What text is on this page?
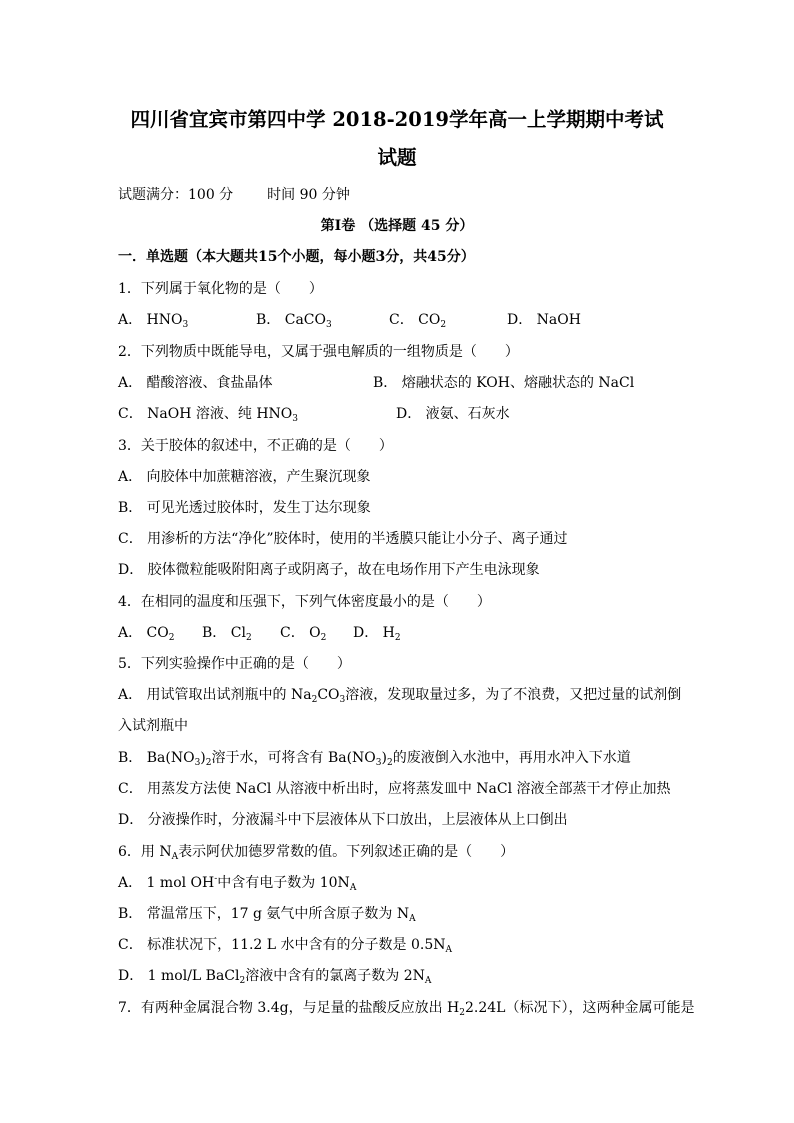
四川省宜宾市第四中学 2018-2019学年高一上学期期中考试
试题
试题满分：100 分 时间 90 分钟
第Ⅰ卷 （选择题 45 分）
一．单选题（本大题共15个小题，每小题3分，共45分）
1．下列属于氧化物的是（　　）
A． $HNO_3$	B． CaCO$_3$	C． $CO_2$	D． NaOH
2．下列物质中既能导电，又属于强电解质的一组物质是（　　）
A． 醋酸溶液、食盐晶体	B． 熔融状态的 KOH、熔融状态的 NaCl
C． NaOH 溶液、纯 $HNO_3$	D． 液氨、石灰水
3．关于胶体的叙述中，不正确的是（　　）
A． 向胶体中加蔗糖溶液，产生聚沉现象
B． 可见光透过胶体时，发生丁达尔现象
C． 用渗析的方法“净化”胶体时，使用的半透膜只能让小分子、离子通过
D． 胶体微粒能吸附阳离子或阴离子，故在电场作用下产生电泳现象
4．在相同的温度和压强下，下列气体密度最小的是（　　）
A． $CO_2$ B． $Cl_2$ C． $O_2$ D． $H_2$
5．下列实验操作中正确的是（　　）
A． 用试管取出试剂瓶中的 $Na_2CO_3$溶液，发现取量过多，为了不浪费，又把过量的试剂倒
入试剂瓶中
B． $Ba(NO_3)_2$溶于水，可将含有 $Ba(NO_3)_2$的废液倒入水池中，再用水冲入下水道
C． 用蒸发方法使 NaCl 从溶液中析出时，应将蒸发皿中 NaCl 溶液全部蒸干才停止加热
D． 分液操作时，分液漏斗中下层液体从下口放出，上层液体从上口倒出
6．用 $N_A$表示阿伏加德罗常数的值。下列叙述正确的是（　　）
A． 1 mol OH-中含有电子数为 $10N_A$
B． 常温常压下，17 g 氨气中所含原子数为 $N_A$
C． 标准状况下，11.2 L 水中含有的分子数是 $0.5N_A$
D． 1 mol/L BaCl$_2$溶液中含有的氯离子数为 $2N_A$
7．有两种金属混合物 3.4g，与足量的盐酸反应放出 $H_22.24L$（标况下），这两种金属可能是
